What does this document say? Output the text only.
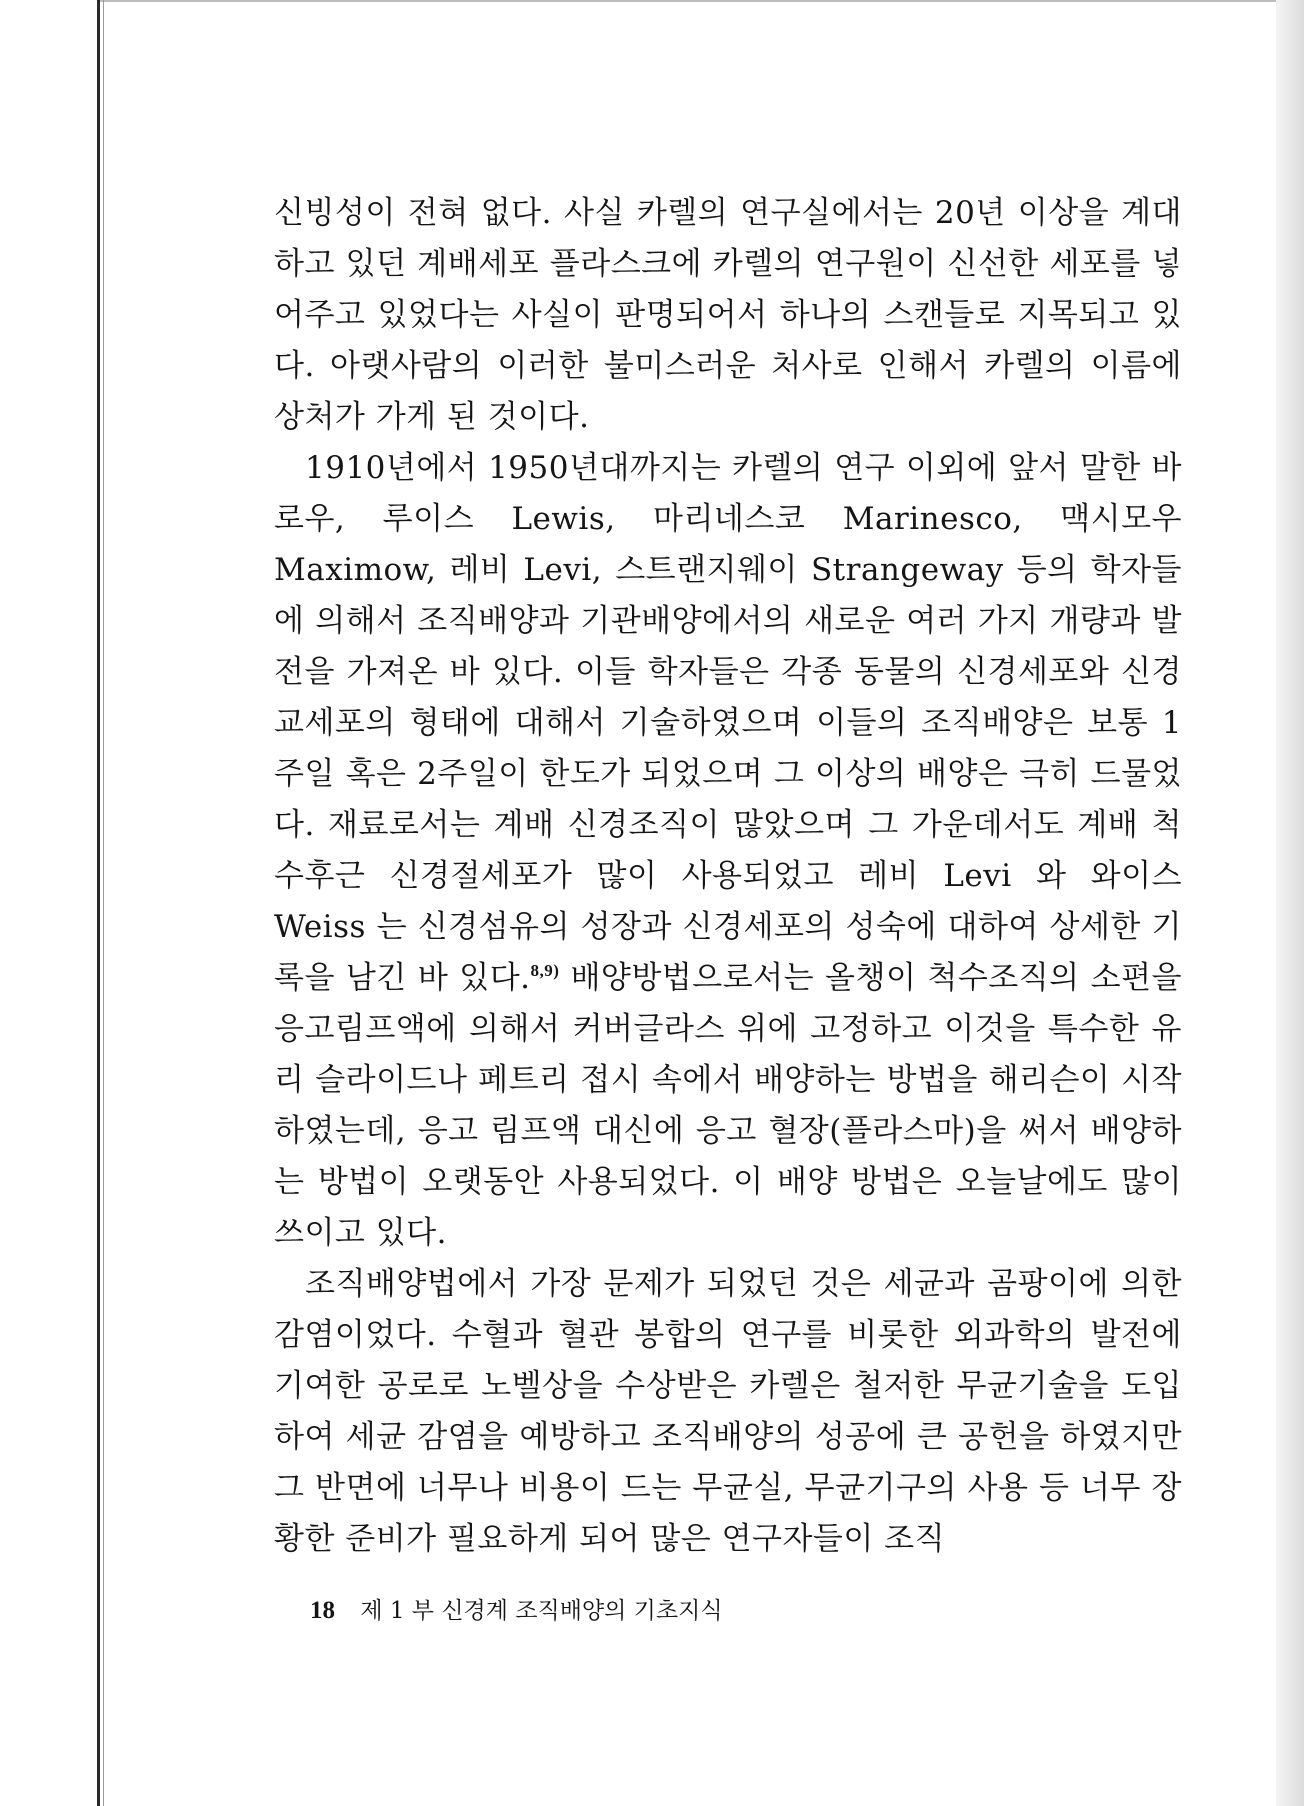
신빙성이 전혀 없다. 사실 카렐의 연구실에서는 20년 이상을 계대하고 있던 계배세포 플라스크에 카렐의 연구원이 신선한 세포를 넣어주고 있었다는 사실이 판명되어서 하나의 스캔들로 지목되고 있다. 아랫사람의 이러한 불미스러운 처사로 인해서 카렐의 이름에 상처가 가게 된 것이다.

1910년에서 1950년대까지는 카렐의 연구 이외에 앞서 말한 바로우, 루이스 Lewis, 마리네스코 Marinesco, 맥시모우 Maximow, 레비 Levi, 스트랜지웨이 Strangeway 등의 학자들에 의해서 조직배양과 기관배양에서의 새로운 여러 가지 개량과 발전을 가져온 바 있다. 이들 학자들은 각종 동물의 신경세포와 신경교세포의 형태에 대해서 기술하였으며 이들의 조직배양은 보통 1주일 혹은 2주일이 한도가 되었으며 그 이상의 배양은 극히 드물었다. 재료로서는 계배 신경조직이 많았으며 그 가운데서도 계배 척수후근 신경절세포가 많이 사용되었고 레비 Levi 와 와이스 Weiss 는 신경섬유의 성장과 신경세포의 성숙에 대하여 상세한 기록을 남긴 바 있다.$^{8,9)}$ 배양방법으로서는 올챙이 척수조직의 소편을 응고림프액에 의해서 커버글라스 위에 고정하고 이것을 특수한 유리 슬라이드나 페트리 접시 속에서 배양하는 방법을 해리슨이 시작하였는데, 응고 림프액 대신에 응고 혈장(플라스마)을 써서 배양하는 방법이 오랫동안 사용되었다. 이 배양 방법은 오늘날에도 많이 쓰이고 있다.

조직배양법에서 가장 문제가 되었던 것은 세균과 곰팡이에 의한 감염이었다. 수혈과 혈관 봉합의 연구를 비롯한 외과학의 발전에 기여한 공로로 노벨상을 수상받은 카렐은 철저한 무균기술을 도입하여 세균 감염을 예방하고 조직배양의 성공에 큰 공헌을 하였지만 그 반면에 너무나 비용이 드는 무균실, 무균기구의 사용 등 너무 장황한 준비가 필요하게 되어 많은 연구자들이 조직

18 제 1 부 신경계 조직배양의 기초지식
